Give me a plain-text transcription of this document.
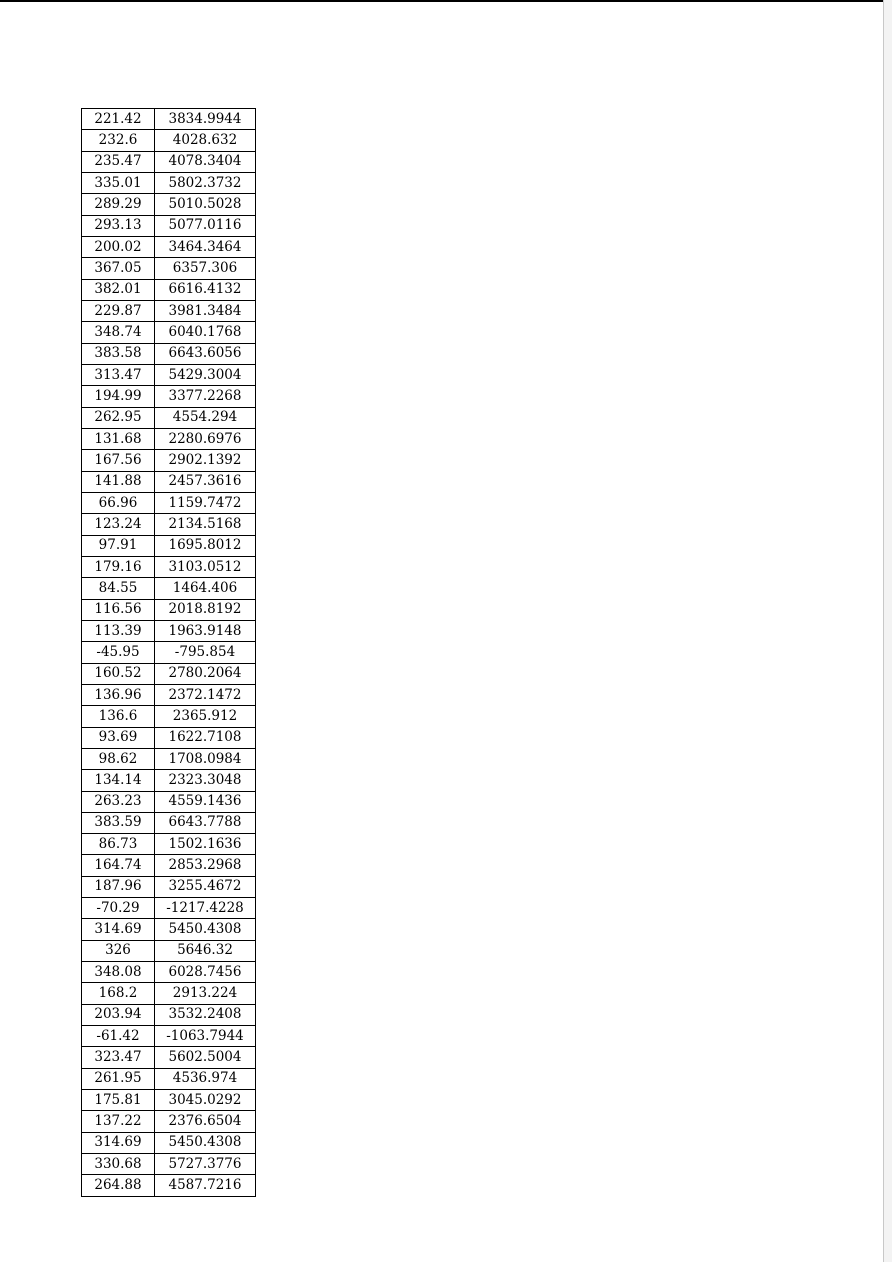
221.42	3834.9944
232.6	4028.632
235.47	4078.3404
335.01	5802.3732
289.29	5010.5028
293.13	5077.0116
200.02	3464.3464
367.05	6357.306
382.01	6616.4132
229.87	3981.3484
348.74	6040.1768
383.58	6643.6056
313.47	5429.3004
194.99	3377.2268
262.95	4554.294
131.68	2280.6976
167.56	2902.1392
141.88	2457.3616
66.96	1159.7472
123.24	2134.5168
97.91	1695.8012
179.16	3103.0512
84.55	1464.406
116.56	2018.8192
113.39	1963.9148
-45.95	-795.854
160.52	2780.2064
136.96	2372.1472
136.6	2365.912
93.69	1622.7108
98.62	1708.0984
134.14	2323.3048
263.23	4559.1436
383.59	6643.7788
86.73	1502.1636
164.74	2853.2968
187.96	3255.4672
-70.29	-1217.4228
314.69	5450.4308
326	5646.32
348.08	6028.7456
168.2	2913.224
203.94	3532.2408
-61.42	-1063.7944
323.47	5602.5004
261.95	4536.974
175.81	3045.0292
137.22	2376.6504
314.69	5450.4308
330.68	5727.3776
264.88	4587.7216
